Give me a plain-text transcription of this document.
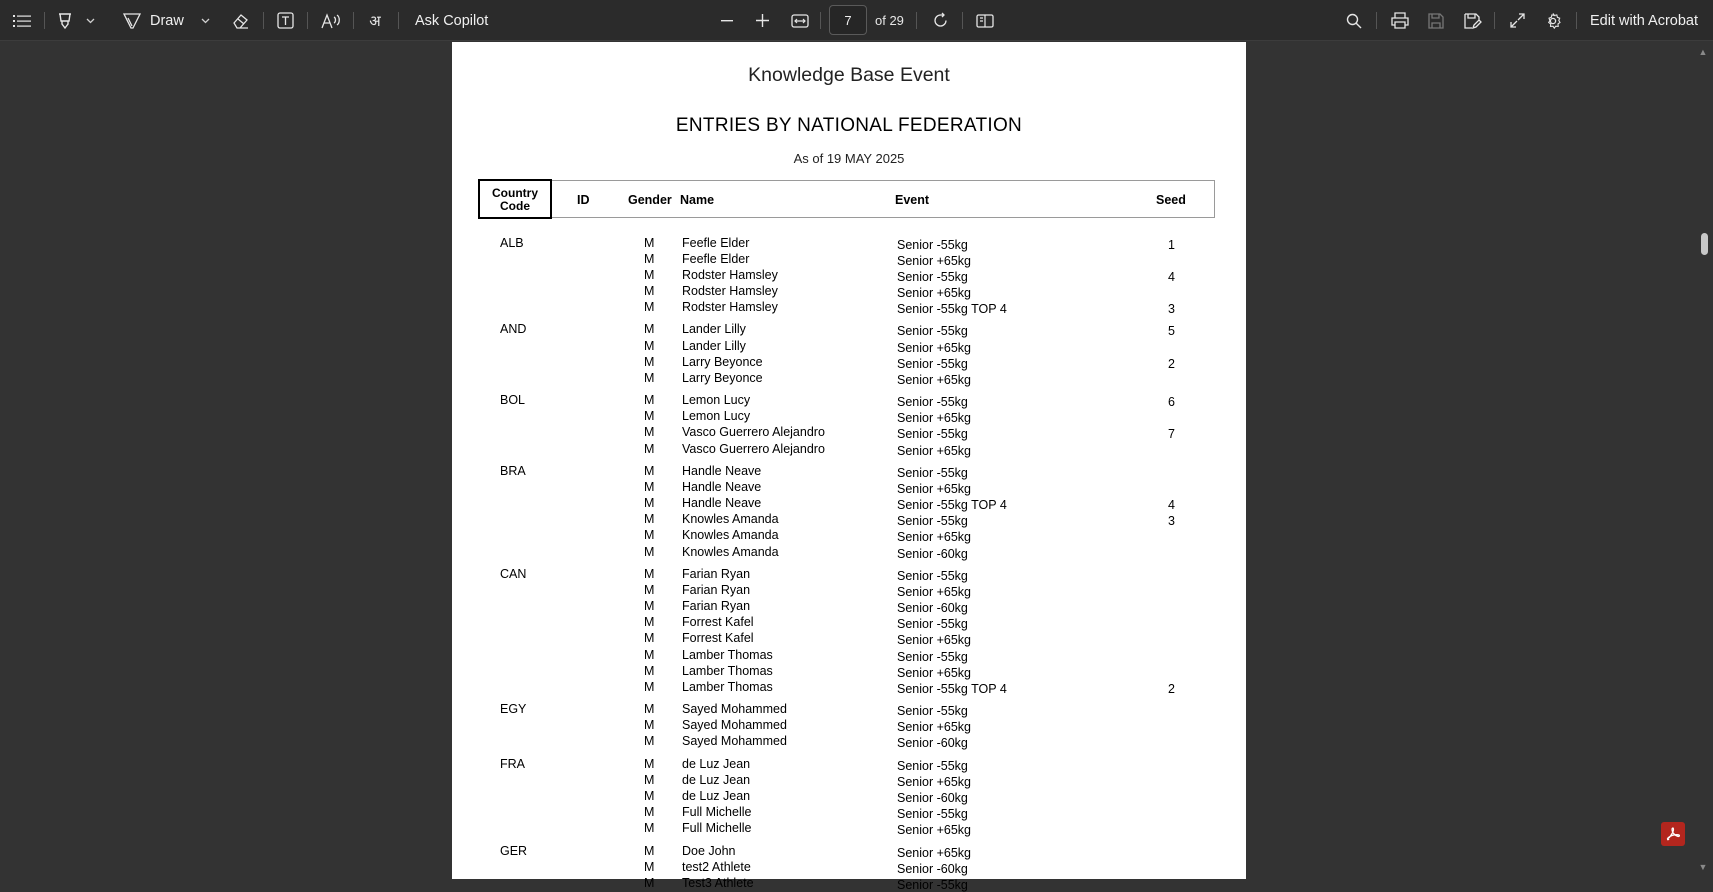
Draw	अ	Ask Copilot	7	of 29	Edit with Acrobat
Knowledge Base Event
ENTRIES BY NATIONAL FEDERATION
As of 19 MAY 2025
Country
Code	ID	Gender Name	Event	Seed
ALB	M Feefle Elder	Senior -55kg	1
M Feefle Elder	Senior +65kg
M Rodster Hamsley	Senior -55kg	4
M Rodster Hamsley	Senior +65kg
M Rodster Hamsley	Senior -55kg TOP 4	3
AND	M Lander Lilly	Senior -55kg	5
M Lander Lilly	Senior +65kg
M Larry Beyonce	Senior -55kg	2
M Larry Beyonce	Senior +65kg
BOL	M Lemon Lucy	Senior -55kg	6
M Lemon Lucy	Senior +65kg
M Vasco Guerrero Alejandro	Senior -55kg	7
M Vasco Guerrero Alejandro	Senior +65kg
BRA	M Handle Neave	Senior -55kg
M Handle Neave	Senior +65kg
M Handle Neave	Senior -55kg TOP 4	4
M Knowles Amanda	Senior -55kg	3
M Knowles Amanda	Senior +65kg
M Knowles Amanda	Senior -60kg
CAN	M Farian Ryan	Senior -55kg
M Farian Ryan	Senior +65kg
M Farian Ryan	Senior -60kg
M Forrest Kafel	Senior -55kg
M Forrest Kafel	Senior +65kg
M Lamber Thomas	Senior -55kg
M Lamber Thomas	Senior +65kg
M Lamber Thomas	Senior -55kg TOP 4	2
EGY	M Sayed Mohammed	Senior -55kg
M Sayed Mohammed	Senior +65kg
M Sayed Mohammed	Senior -60kg
FRA	M de Luz Jean	Senior -55kg
M de Luz Jean	Senior +65kg
M de Luz Jean	Senior -60kg
M Full Michelle	Senior -55kg
M Full Michelle	Senior +65kg
GER	M Doe John	Senior +65kg
M test2 Athlete	Senior -60kg
M Test3 Athlete	Senior -55kg
▲
▼
